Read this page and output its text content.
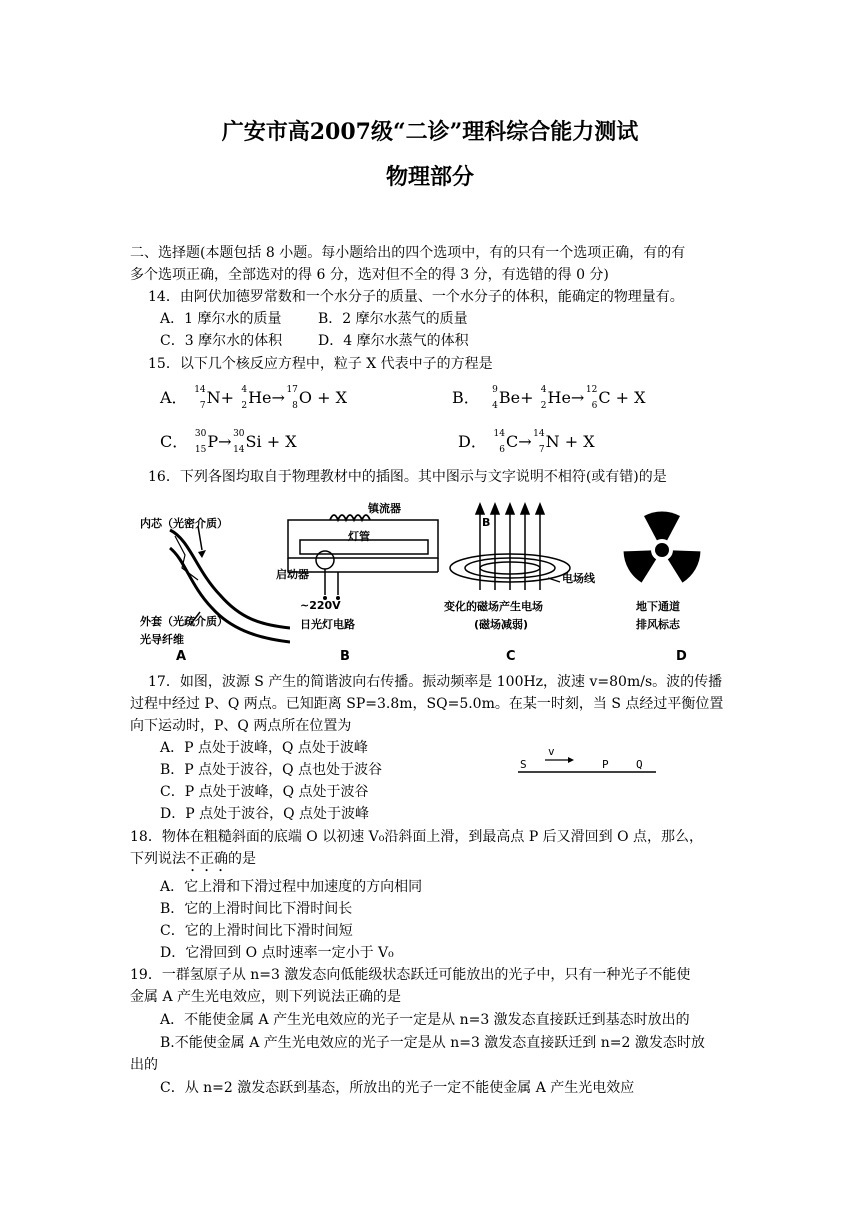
广安市高2007级“二诊”理科综合能力测试
物理部分
二、选择题(本题包括 8 小题。每小题给出的四个选项中，有的只有一个选项正确，有的有
多个选项正确，全部选对的得 6 分，选对但不全的得 3 分，有选错的得 0 分)
14．由阿伏加德罗常数和一个水分子的质量、一个水分子的体积，能确定的物理量有。
A．1 摩尔水的质量	B．2 摩尔水蒸气的质量
C．3 摩尔水的体积	D．4 摩尔水蒸气的体积
15．以下几个核反应方程中，粒子 X 代表中子的方程是
A． 14
7 N+ 4
2 He→ 17
8 O + X	B． 9
4 Be+ 4
2 He→ 12
6 C + X
C． 30
15 P→ 30
14 Si + X	D． 14
6 C→ 14
7 N + X
16．下列各图均取自于物理教材中的插图。其中图示与文字说明不相符(或有错)的是
内芯（光密介质）
外套（光疏介质）
光导纤维
A
镇流器
灯管
启动器
~220V
日光灯电路
B
B
电场线
变化的磁场产生电场
(磁场减弱)
C
地下通道
排风标志
D
17．如图，波源 S 产生的简谐波向右传播。振动频率是 100Hz，波速 v=80m/s。波的传播
过程中经过 P、Q 两点。已知距离 SP=3.8m，SQ=5.0m。在某一时刻，当 S 点经过平衡位置
向下运动时，P、Q 两点所在位置为
A．P 点处于波峰，Q 点处于波峰
B．P 点处于波谷，Q 点也处于波谷
C．P 点处于波峰，Q 点处于波谷
D．P 点处于波谷，Q 点处于波峰
v
S	P Q
18．物体在粗糙斜面的底端 O 以初速 V₀沿斜面上滑，到最高点 P 后又滑回到 O 点，那么，
下列说法不正确的是
A．它上滑和下滑过程中加速度的方向相同
B．它的上滑时间比下滑时间长
C．它的上滑时间比下滑时间短
D．它滑回到 O 点时速率一定小于 V₀
19．一群氢原子从 n=3 激发态向低能级状态跃迁可能放出的光子中，只有一种光子不能使
金属 A 产生光电效应，则下列说法正确的是
A．不能使金属 A 产生光电效应的光子一定是从 n=3 激发态直接跃迁到基态时放出的
B.不能使金属 A 产生光电效应的光子一定是从 n=3 激发态直接跃迁到 n=2 激发态时放
出的
C．从 n=2 激发态跃到基态，所放出的光子一定不能使金属 A 产生光电效应
